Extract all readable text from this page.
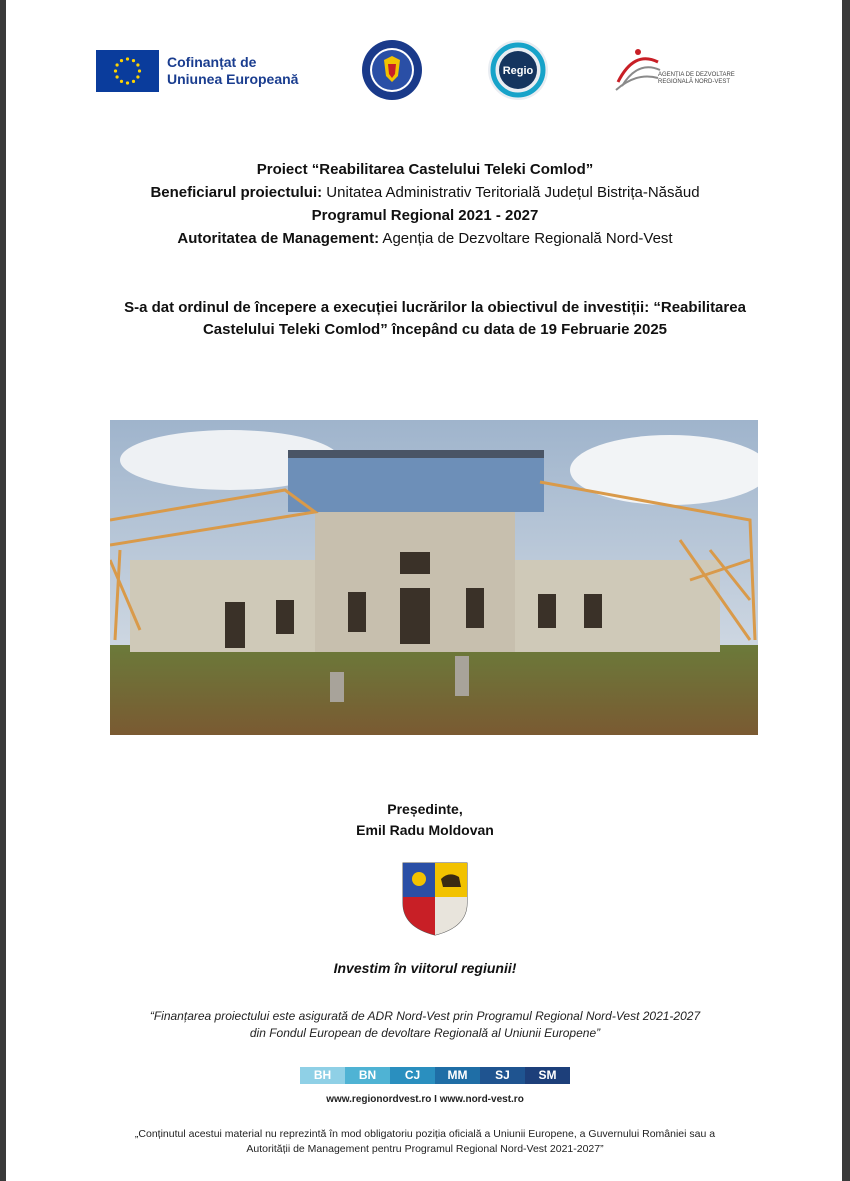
Cofinanțat de
Uniunea Europeană	Regio	AGENȚIA DE DEZVOLTARE REGIONALĂ NORD-VEST
Proiect “Reabilitarea Castelului Teleki Comlod”
Beneficiarul proiectului: Unitatea Administrativ Teritorială Județul Bistrița-Năsăud
Programul Regional 2021 - 2027
Autoritatea de Management: Agenția de Dezvoltare Regională Nord-Vest
S-a dat ordinul de începere a execuției lucrărilor la obiectivul de investiții: “Reabilitarea
Castelului Teleki Comlod” începând cu data de 19 Februarie 2025
Președinte,
Emil Radu Moldovan
Investim în viitorul regiunii!
“Finanțarea proiectului este asigurată de ADR Nord-Vest prin Programul Regional Nord-Vest 2021-2027
din Fondul European de devoltare Regională al Uniunii Europene”
BH	BN	CJ	MM	SJ	SM
www.regionordvest.ro I www.nord-vest.ro
„Conținutul acestui material nu reprezintă în mod obligatoriu poziția oficială a Uniunii Europene, a Guvernului României sau a
Autorității de Management pentru Programul Regional Nord-Vest 2021-2027”
